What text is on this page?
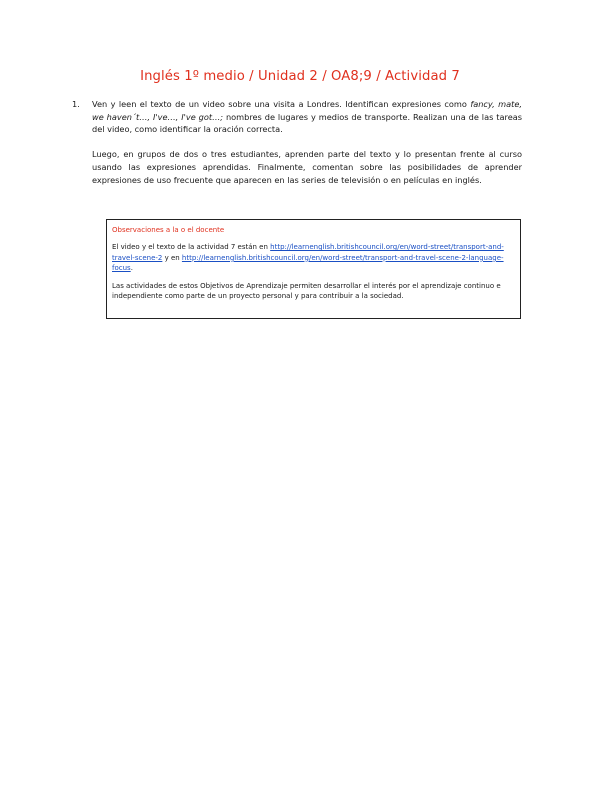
Inglés 1º medio / Unidad 2 / OA8;9 / Actividad 7
1. Ven y leen el texto de un video sobre una visita a Londres. Identifican expresiones como fancy, mate, we haven´t…, I've…, I've got…; nombres de lugares y medios de transporte. Realizan una de las tareas del video, como identificar la oración correcta.

Luego, en grupos de dos o tres estudiantes, aprenden parte del texto y lo presentan frente al curso usando las expresiones aprendidas. Finalmente, comentan sobre las posibilidades de aprender expresiones de uso frecuente que aparecen en las series de televisión o en películas en inglés.

Observaciones a la o el docente

El video y el texto de la actividad 7 están en http://learnenglish.britishcouncil.org/en/word-street/transport-and-travel-scene-2 y en http://learnenglish.britishcouncil.org/en/word-street/transport-and-travel-scene-2-language-focus.

Las actividades de estos Objetivos de Aprendizaje permiten desarrollar el interés por el aprendizaje continuo e independiente como parte de un proyecto personal y para contribuir a la sociedad.
